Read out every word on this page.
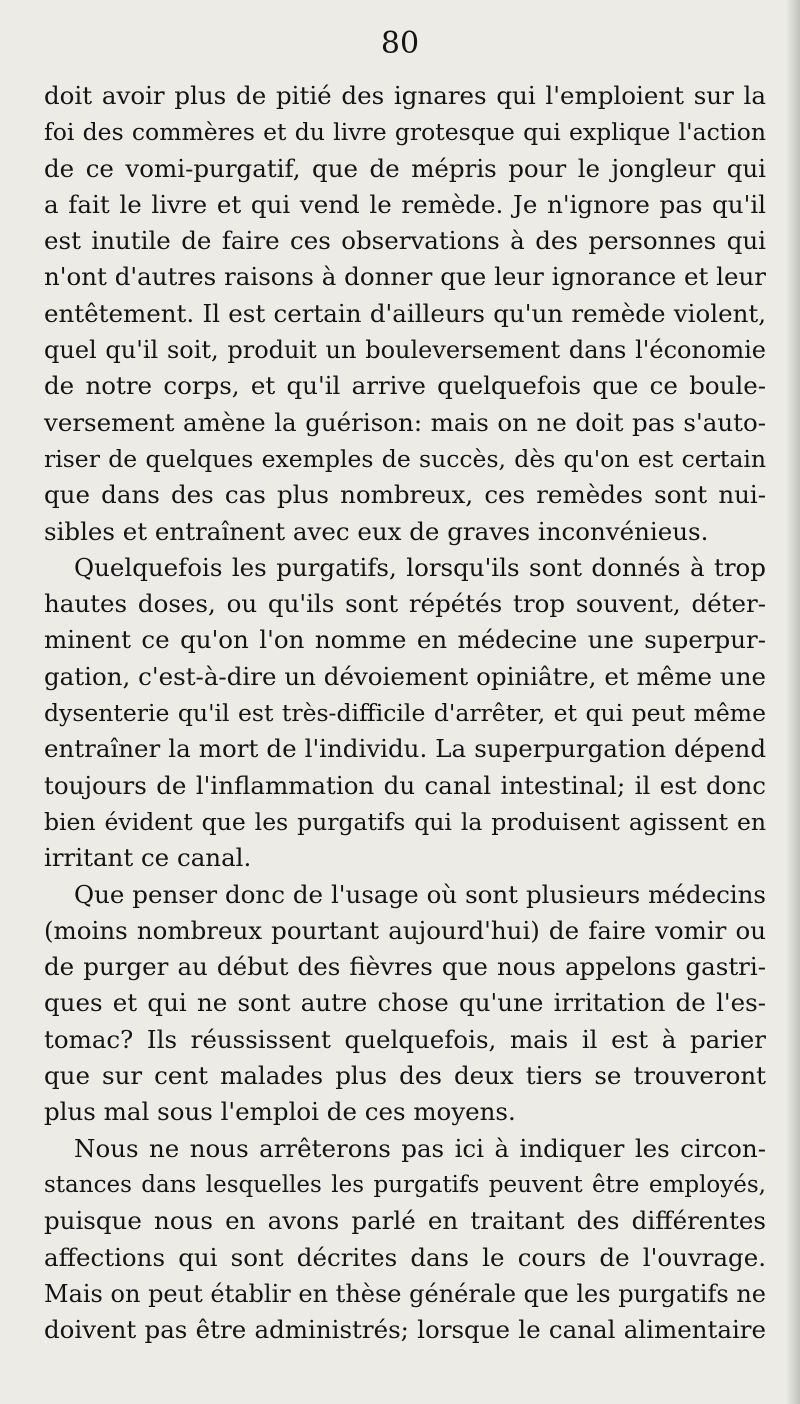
80
doit avoir plus de pitié des ignares qui l'emploient sur la
foi des commères et du livre grotesque qui explique l'action
de ce vomi-purgatif, que de mépris pour le jongleur qui
a fait le livre et qui vend le remède. Je n'ignore pas qu'il
est inutile de faire ces observations à des personnes qui
n'ont d'autres raisons à donner que leur ignorance et leur
entêtement. Il est certain d'ailleurs qu'un remède violent,
quel qu'il soit, produit un bouleversement dans l'économie
de notre corps, et qu'il arrive quelquefois que ce boule-
versement amène la guérison: mais on ne doit pas s'auto-
riser de quelques exemples de succès, dès qu'on est certain
que dans des cas plus nombreux, ces remèdes sont nui-
sibles et entraînent avec eux de graves inconvénieus.
Quelquefois les purgatifs, lorsqu'ils sont donnés à trop
hautes doses, ou qu'ils sont répétés trop souvent, déter-
minent ce qu'on l'on nomme en médecine une superpur-
gation, c'est-à-dire un dévoiement opiniâtre, et même une
dysenterie qu'il est très-difficile d'arrêter, et qui peut même
entraîner la mort de l'individu. La superpurgation dépend
toujours de l'inflammation du canal intestinal; il est donc
bien évident que les purgatifs qui la produisent agissent en
irritant ce canal.
Que penser donc de l'usage où sont plusieurs médecins
(moins nombreux pourtant aujourd'hui) de faire vomir ou
de purger au début des fièvres que nous appelons gastri-
ques et qui ne sont autre chose qu'une irritation de l'es-
tomac? Ils réussissent quelquefois, mais il est à parier
que sur cent malades plus des deux tiers se trouveront
plus mal sous l'emploi de ces moyens.
Nous ne nous arrêterons pas ici à indiquer les circon-
stances dans lesquelles les purgatifs peuvent être employés,
puisque nous en avons parlé en traitant des différentes
affections qui sont décrites dans le cours de l'ouvrage.
Mais on peut établir en thèse générale que les purgatifs ne
doivent pas être administrés; lorsque le canal alimentaire
